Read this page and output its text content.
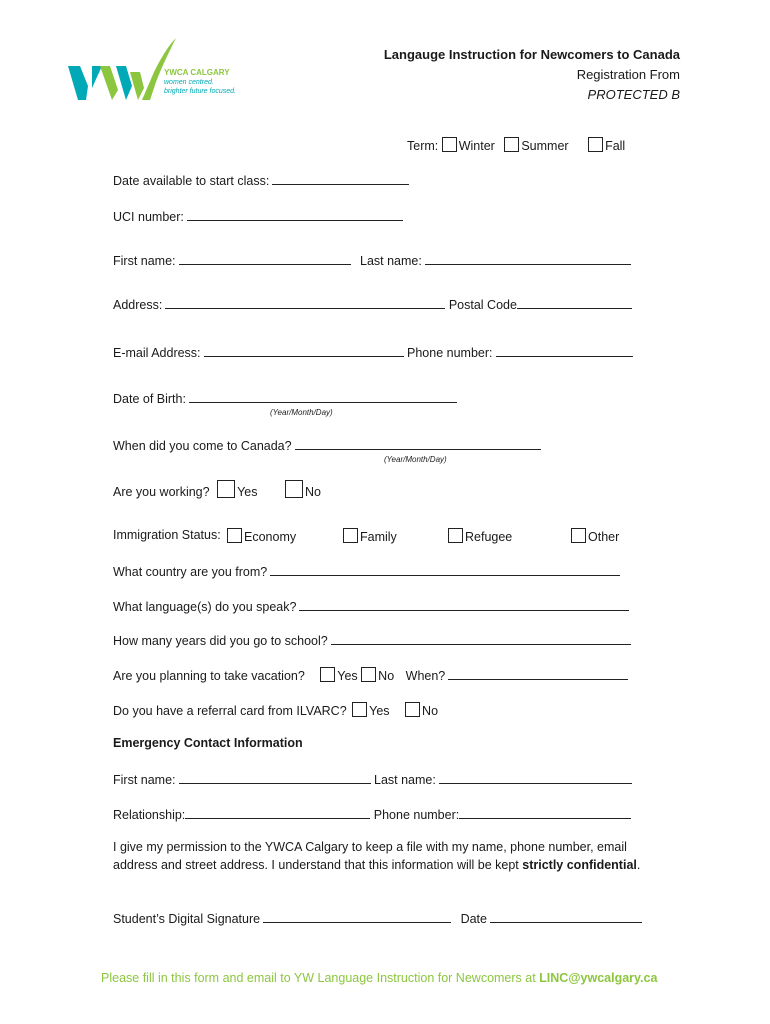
YWCA CALGARY
women centred.
brighter future focused.
Langauge Instruction for Newcomers to Canada
Registration From
PROTECTED B
Term: Winter Summer	Fall
Date available to start class:
UCI number:
First name:	Last name:
Address:	Postal Code
E-mail Address:	Phone number:
Date of Birth:
(Year/Month/Day)
When did you come to Canada?
(Year/Month/Day)
Are you working? Yes	No
Immigration Status:	Economy	Family	Refugee	Other
What country are you from?
What language(s) do you speak?
How many years did you go to school?
Are you planning to take vacation?	Yes No When?
Do you have a referral card from ILVARC? Yes	No
Emergency Contact Information
First name:	Last name:
Relationship:	Phone number:
I give my permission to the YWCA Calgary to keep a file with my name, phone number, email
address and street address. I understand that this information will be kept strictly confidential.
Student’s Digital Signature	Date
Please fill in this form and email to YW Language Instruction for Newcomers at LINC@ywcalgary.ca
